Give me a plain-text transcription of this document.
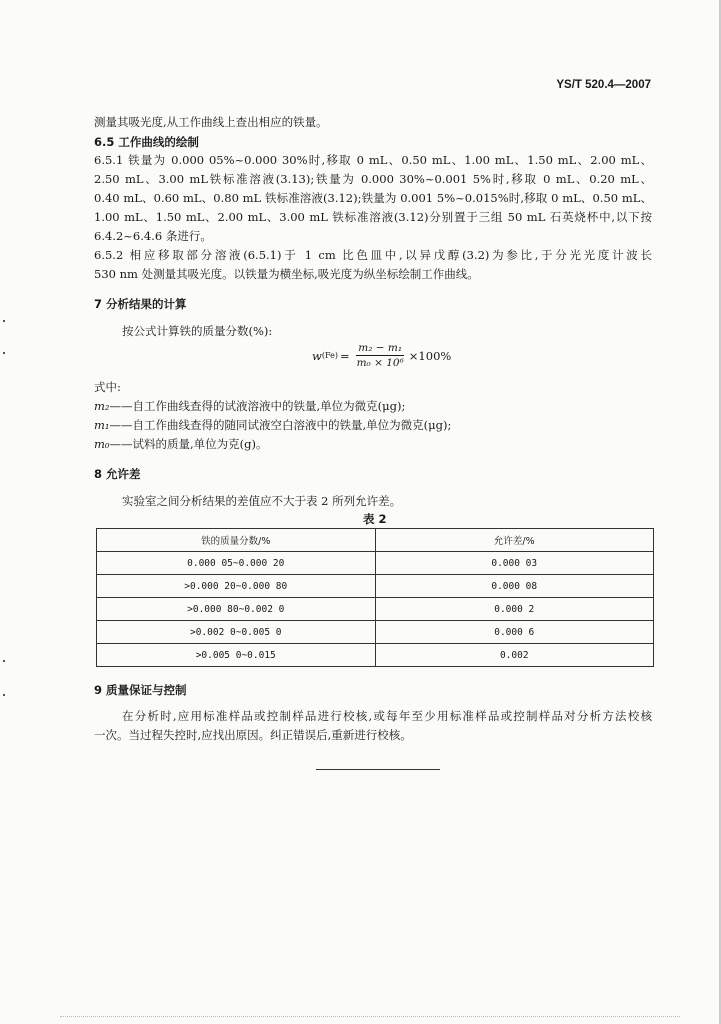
YS/T 520.4—2007
测量其吸光度,从工作曲线上查出相应的铁量。
6.5 工作曲线的绘制
6.5.1 铁量为 0.000 05%~0.000 30%时,移取 0 mL、0.50 mL、1.00 mL、1.50 mL、2.00 mL、
2.50 mL、3.00 mL铁标准溶液(3.13);铁量为 0.000 30%~0.001 5%时,移取 0 mL、0.20 mL、
0.40 mL、0.60 mL、0.80 mL 铁标准溶液(3.12);铁量为 0.001 5%~0.015%时,移取 0 mL、0.50 mL、
1.00 mL、1.50 mL、2.00 mL、3.00 mL 铁标准溶液(3.12)分别置于三组 50 mL 石英烧杯中,以下按
6.4.2~6.4.6 条进行。
6.5.2 相应移取部分溶液(6.5.1)于 1 cm 比色皿中,以异戊醇(3.2)为参比,于分光光度计波长
530 nm 处测量其吸光度。以铁量为横坐标,吸光度为纵坐标绘制工作曲线。
7 分析结果的计算
按公式计算铁的质量分数(%):
w $(Fe) = \frac{\text{m₂ − m₁}}{\text{m₀ × 10⁶}} \times 100\%$
式中:
m₂——自工作曲线查得的试液溶液中的铁量,单位为微克(μg);
m₁——自工作曲线查得的随同试液空白溶液中的铁量,单位为微克(μg);
m₀——试料的质量,单位为克(g)。
8 允许差
实验室之间分析结果的差值应不大于表 2 所列允许差。
表 2
铁的质量分数/%	允许差/%
0.000 05~0.000 20	0.000 03
>0.000 20~0.000 80	0.000 08
>0.000 80~0.002 0	0.000 2
>0.002 0~0.005 0	0.000 6
>0.005 0~0.015	0.002
9 质量保证与控制
在分析时,应用标准样品或控制样品进行校核,或每年至少用标准样品或控制样品对分析方法校核
一次。当过程失控时,应找出原因。纠正错误后,重新进行校核。
